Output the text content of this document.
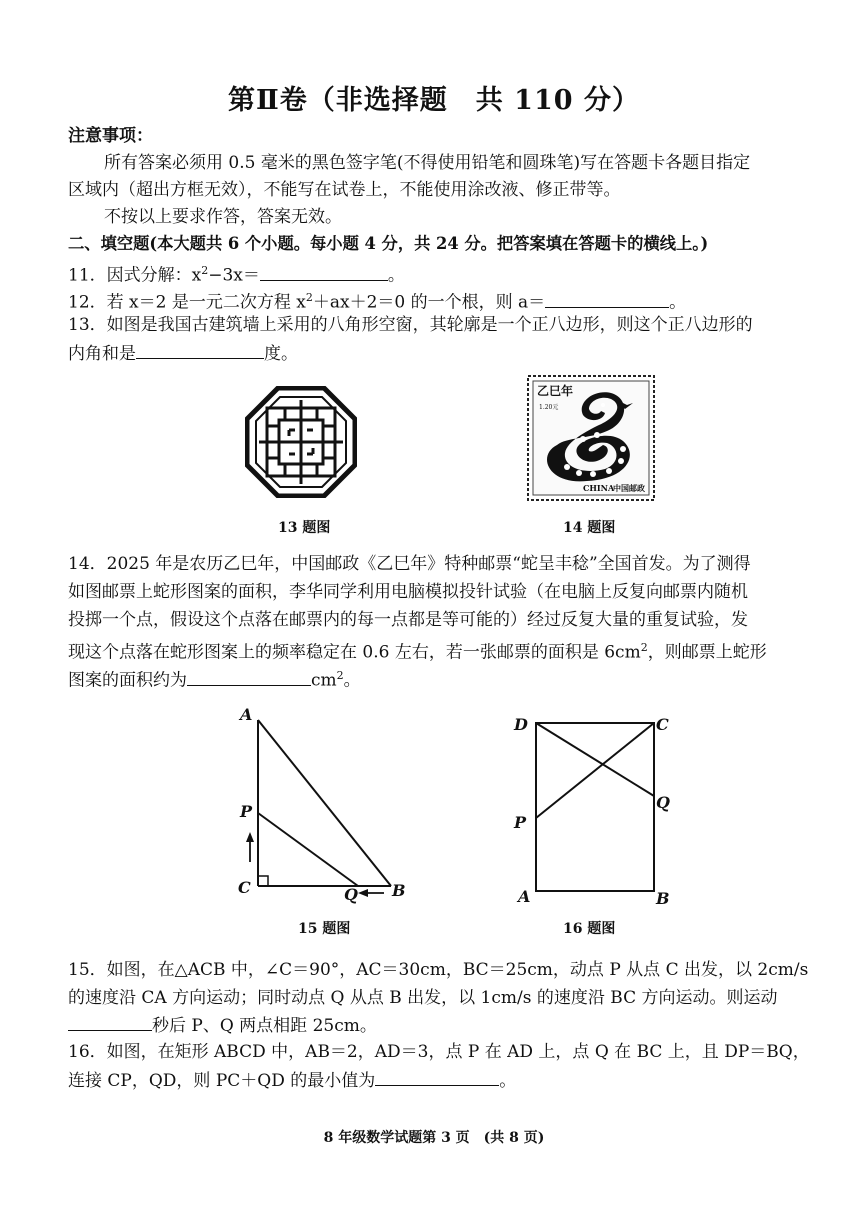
第Ⅱ卷（非选择题　共 110 分）
注意事项：
所有答案必须用 0.5 毫米的黑色签字笔(不得使用铅笔和圆珠笔)写在答题卡各题目指定
区域内（超出方框无效），不能写在试卷上，不能使用涂改液、修正带等。
不按以上要求作答，答案无效。
二、填空题(本大题共 6 个小题。每小题 4 分，共 24 分。把答案填在答题卡的横线上。)
11．因式分解：$x^2-3x=$	。
12．若 x＝2 是一元二次方程 $x^2+ax+2=0$ 的一个根，则 a＝	。
13．如图是我国古建筑墙上采用的八角形空窗，其轮廓是一个正八边形，则这个正八边形的
内角和是	度。
13 题图
乙巳年
1.20元
CHINA
中国邮政
14 题图
14．2025 年是农历乙巳年，中国邮政《乙巳年》特种邮票“蛇呈丰稔”全国首发。为了测得
如图邮票上蛇形图案的面积，李华同学利用电脑模拟投针试验（在电脑上反复向邮票内随机
投掷一个点，假设这个点落在邮票内的每一点都是等可能的）经过反复大量的重复试验，发
现这个点落在蛇形图案上的频率稳定在 0.6 左右，若一张邮票的面积是 $6cm^2$，则邮票上蛇形
图案的面积约为	$cm^2$。
A
P
C	Q B
15 题图
D	C
Q
P
A	B
16 题图
15．如图，在△ACB 中，∠C＝90°，AC＝30cm，BC＝25cm，动点 P 从点 C 出发，以 2cm/s
的速度沿 CA 方向运动；同时动点 Q 从点 B 出发，以 1cm/s 的速度沿 BC 方向运动。则运动
秒后 P、Q 两点相距 25cm。
16．如图，在矩形 ABCD 中，AB＝2，AD＝3，点 P 在 AD 上，点 Q 在 BC 上，且 DP＝BQ，
连接 CP，QD，则 PC＋QD 的最小值为	。
8 年级数学试题第 3 页　(共 8 页)
